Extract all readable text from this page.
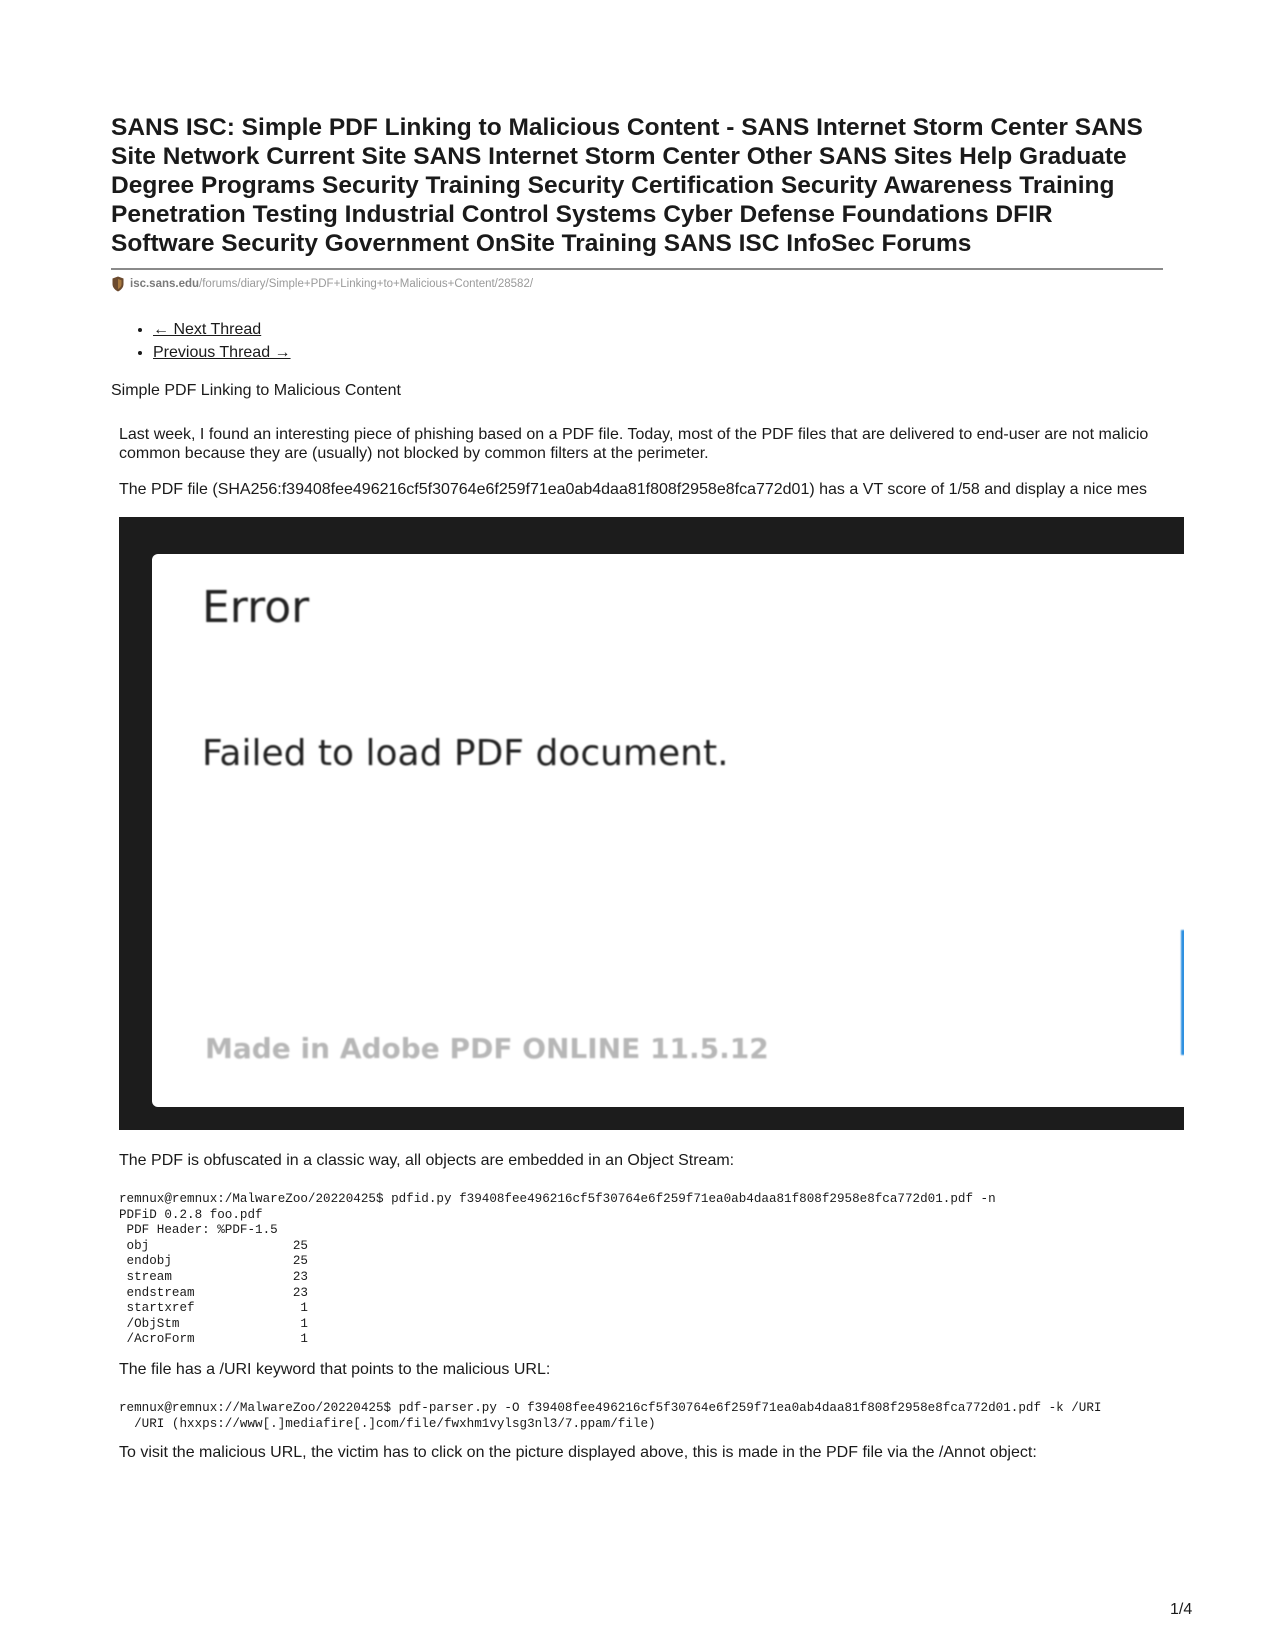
SANS ISC: Simple PDF Linking to Malicious Content - SANS Internet Storm Center SANS Site Network Current Site SANS Internet Storm Center Other SANS Sites Help Graduate Degree Programs Security Training Security Certification Security Awareness Training Penetration Testing Industrial Control Systems Cyber Defense Foundations DFIR Software Security Government OnSite Training SANS ISC InfoSec Forums
isc.sans.edu /forums/diary/Simple+PDF+Linking+to+Malicious+Content/28582/
• ← Next Thread
• Previous Thread →

Simple PDF Linking to Malicious Content

Last week, I found an interesting piece of phishing based on a PDF file. Today, most of the PDF files that are delivered to end-user are not malicio

common because they are (usually) not blocked by common filters at the perimeter.

The PDF file (SHA256:f39408fee496216cf5f30764e6f259f71ea0ab4daa81f808f2958e8fca772d01) has a VT score of 1/58 and display a nice mes

Error
Failed to load PDF document.
Made in Adobe PDF ONLINE 11.5.12

The PDF is obfuscated in a classic way, all objects are embedded in an Object Stream:

remnux@remnux:/MalwareZoo/20220425$ pdfid.py f39408fee496216cf5f30764e6f259f71ea0ab4daa81f808f2958e8fca772d01.pdf -n
PDFiD 0.2.8 foo.pdf
PDF Header: %PDF-1.5
obj                   25
endobj                25
stream                23
endstream             23
startxref              1
/ObjStm                1
/AcroForm              1

The file has a /URI keyword that points to the malicious URL:

remnux@remnux://MalwareZoo/20220425$ pdf-parser.py -O f39408fee496216cf5f30764e6f259f71ea0ab4daa81f808f2958e8fca772d01.pdf -k /URI
/URI (hxxps://www[.]mediafire[.]com/file/fwxhm1vylsg3nl3/7.ppam/file)

To visit the malicious URL, the victim has to click on the picture displayed above, this is made in the PDF file via the /Annot object:

1/4
